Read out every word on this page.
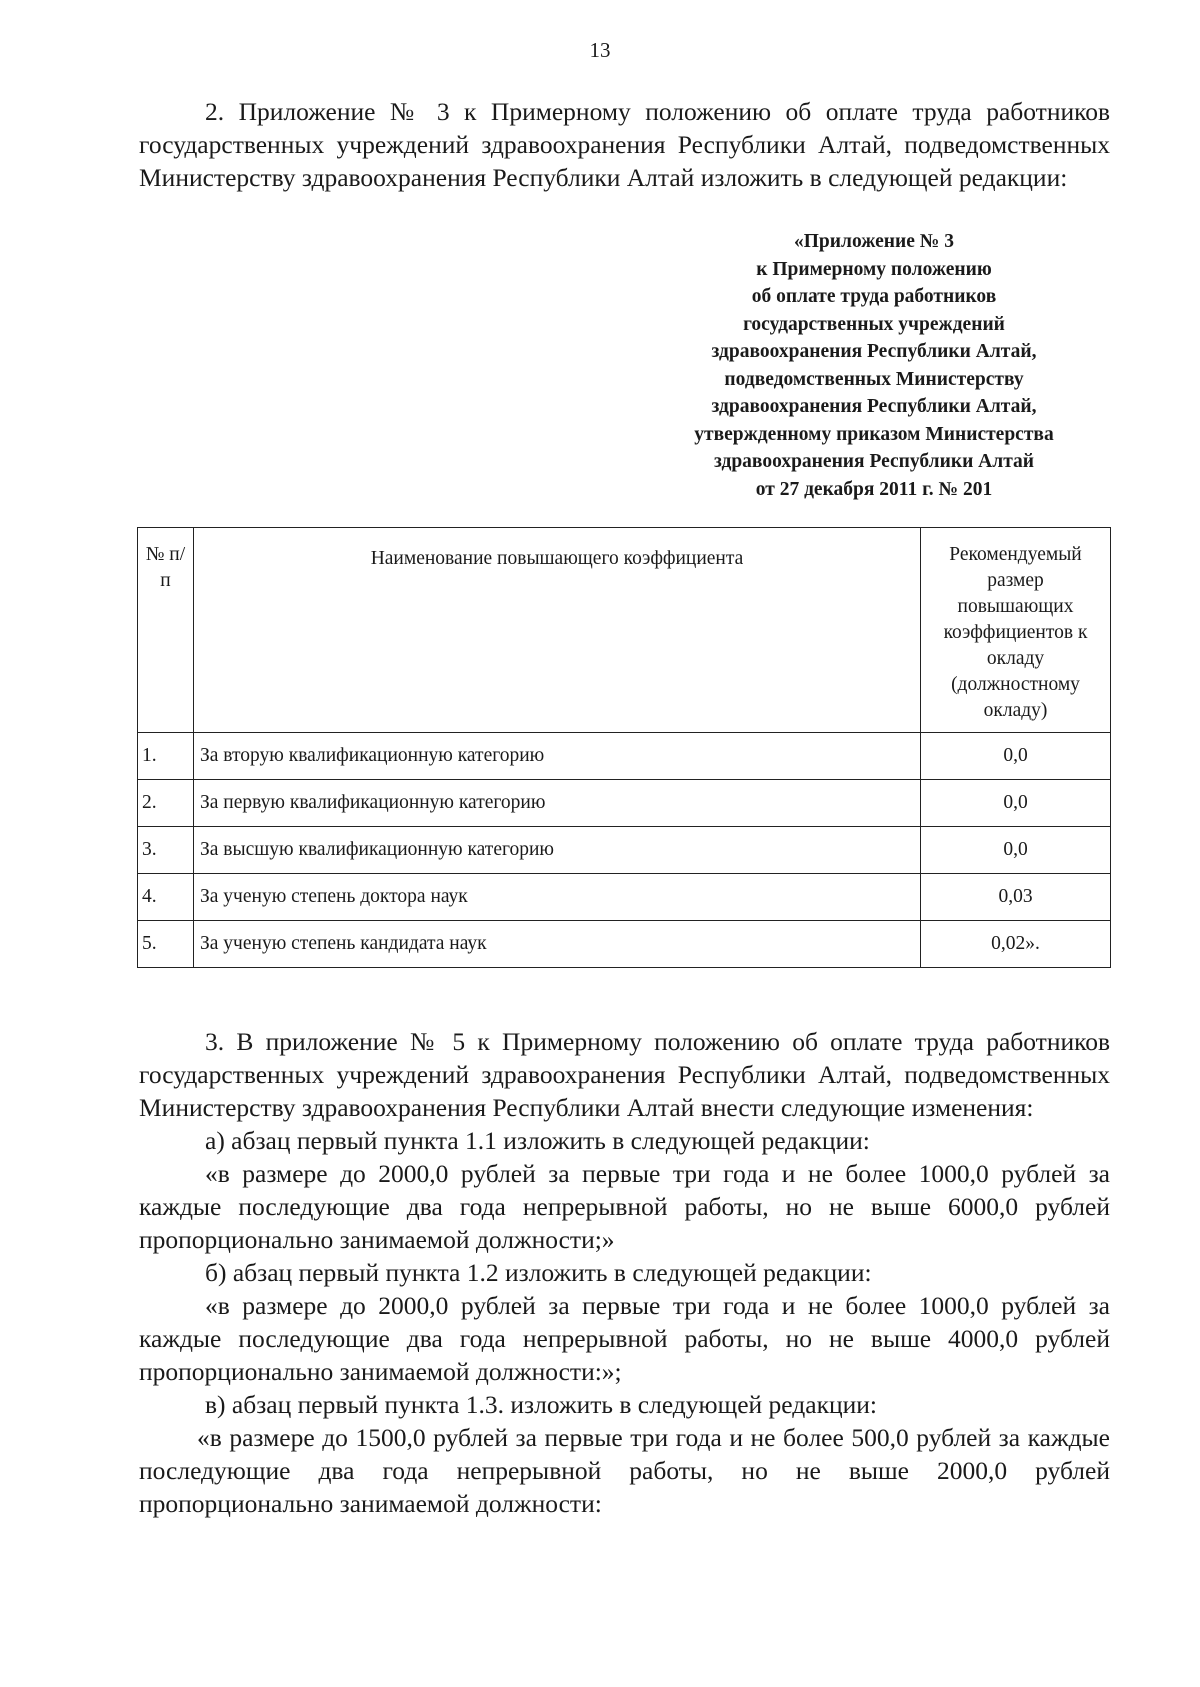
13

2. Приложение № 3 к Примерному положению об оплате труда работников государственных учреждений здравоохранения Республики Алтай, подведомственных Министерству здравоохранения Республики Алтай изложить в следующей редакции:

«Приложение № 3
к Примерному положению
об оплате труда работников
государственных учреждений
здравоохранения Республики Алтай,
подведомственных Министерству
здравоохранения Республики Алтай,
утвержденному приказом Министерства
здравоохранения Республики Алтай
от 27 декабря 2011 г. № 201
№ п/п	Наименование повышающего коэффициента	Рекомендуемый размер повышающих коэффициентов к окладу (должностному окладу)
1.	За вторую квалификационную категорию	0,0
2.	За первую квалификационную категорию	0,0
3.	За высшую квалификационную категорию	0,0
4.	За ученую степень доктора наук	0,03
5.	За ученую степень кандидата наук	0,02».

3. В приложение № 5 к Примерному положению об оплате труда работников государственных учреждений здравоохранения Республики Алтай, подведомственных Министерству здравоохранения Республики Алтай внести следующие изменения:

а) абзац первый пункта 1.1 изложить в следующей редакции:

«в размере до 2000,0 рублей за первые три года и не более 1000,0 рублей за каждые последующие два года непрерывной работы, но не выше 6000,0 рублей пропорционально занимаемой должности;»

б) абзац первый пункта 1.2 изложить в следующей редакции:

«в размере до 2000,0 рублей за первые три года и не более 1000,0 рублей за каждые последующие два года непрерывной работы, но не выше 4000,0 рублей пропорционально занимаемой должности:»;

в) абзац первый пункта 1.3. изложить в следующей редакции:

«в размере до 1500,0 рублей за первые три года и не более 500,0 рублей за каждые последующие два года непрерывной работы, но не выше 2000,0 рублей пропорционально занимаемой должности:
